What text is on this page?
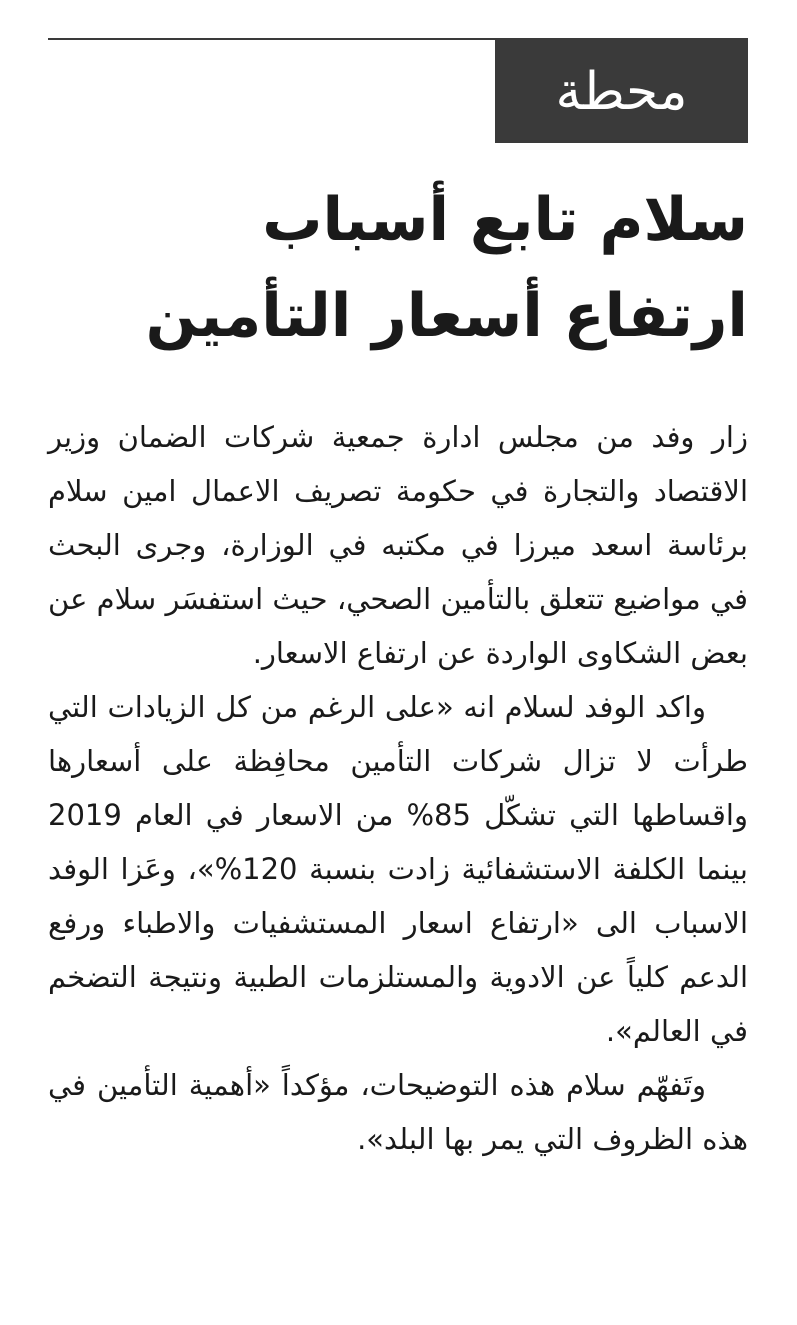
محطة
سلام تابع أسباب
ارتفاع أسعار التأمين

زار وفد من مجلس ادارة جمعية شركات الضمان وزير الاقتصاد والتجارة في حكومة تصريف الاعمال امين سلام برئاسة اسعد ميرزا في مكتبه في الوزارة، وجرى البحث في مواضيع تتعلق بالتأمين الصحي، حيث استفسَر سلام عن بعض الشكاوى الواردة عن ارتفاع الاسعار.

واكد الوفد لسلام انه «على الرغم من كل الزيادات التي طرأت لا تزال شركات التأمين محافِظة على أسعارها واقساطها التي تشكّل 85% من الاسعار في العام 2019 بينما الكلفة الاستشفائية زادت بنسبة 120%»، وعَزا الوفد الاسباب الى «ارتفاع اسعار المستشفيات والاطباء ورفع الدعم كلياً عن الادوية والمستلزمات الطبية ونتيجة التضخم في العالم».

وتَفهّم سلام هذه التوضيحات، مؤكداً «أهمية التأمين في هذه الظروف التي يمر بها البلد».
